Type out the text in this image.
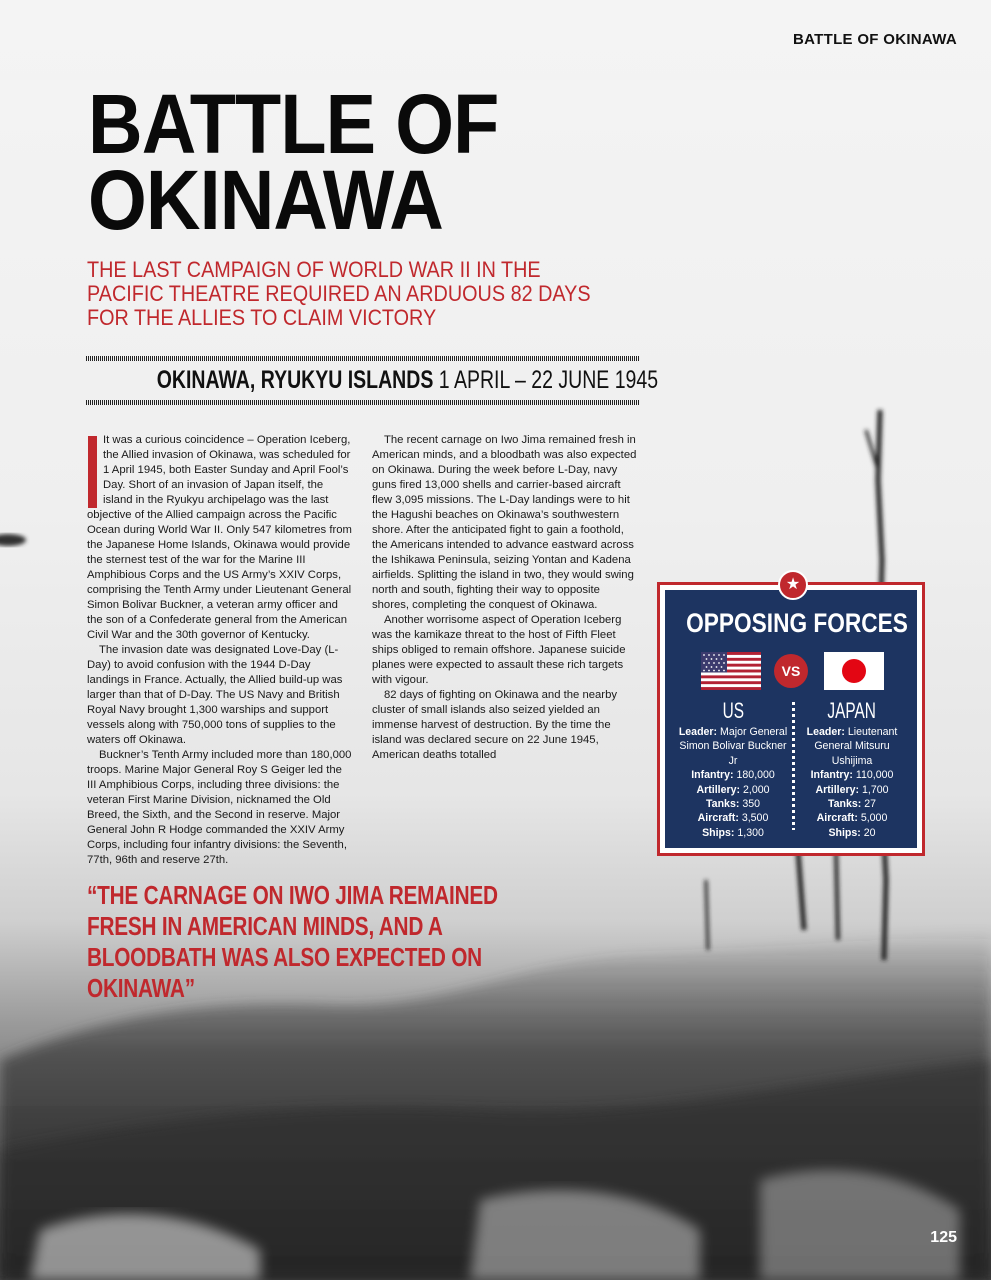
BATTLE OF OKINAWA
BATTLE OF
OKINAWA
THE LAST CAMPAIGN OF WORLD WAR II IN THE PACIFIC THEATRE REQUIRED AN ARDUOUS 82 DAYS FOR THE ALLIES TO CLAIM VICTORY
OKINAWA, RYUKYU ISLANDS 1 APRIL – 22 JUNE 1945

It was a curious coincidence – Operation Iceberg, the Allied invasion of Okinawa, was scheduled for 1 April 1945, both Easter Sunday and April Fool’s Day. Short of an invasion of Japan itself, the island in the Ryukyu archipelago was the last objective of the Allied campaign across the Pacific Ocean during World War II. Only 547 kilometres from the Japanese Home Islands, Okinawa would provide the sternest test of the war for the Marine III Amphibious Corps and the US Army’s XXIV Corps, comprising the Tenth Army under Lieutenant General Simon Bolivar Buckner, a veteran army officer and the son of a Confederate general from the American Civil War and the 30th governor of Kentucky.

The invasion date was designated Love-Day (L-Day) to avoid confusion with the 1944 D-Day landings in France. Actually, the Allied build-up was larger than that of D-Day. The US Navy and British Royal Navy brought 1,300 warships and support vessels along with 750,000 tons of supplies to the waters off Okinawa.

Buckner’s Tenth Army included more than 180,000 troops. Marine Major General Roy S Geiger led the III Amphibious Corps, including three divisions: the veteran First Marine Division, nicknamed the Old Breed, the Sixth, and the Second in reserve. Major General John R Hodge commanded the XXIV Army Corps, including four infantry divisions: the Seventh, 77th, 96th and reserve 27th.

The recent carnage on Iwo Jima remained fresh in American minds, and a bloodbath was also expected on Okinawa. During the week before L-Day, navy guns fired 13,000 shells and carrier-based aircraft flew 3,095 missions. The L-Day landings were to hit the Hagushi beaches on Okinawa’s southwestern shore. After the anticipated fight to gain a foothold, the Americans intended to advance eastward across the Ishikawa Peninsula, seizing Yontan and Kadena airfields. Splitting the island in two, they would swing north and south, fighting their way to opposite shores, completing the conquest of Okinawa.

Another worrisome aspect of Operation Iceberg was the kamikaze threat to the host of Fifth Fleet ships obliged to remain offshore. Japanese suicide planes were expected to assault these rich targets with vigour.

82 days of fighting on Okinawa and the nearby cluster of small islands also seized yielded an immense harvest of destruction. By the time the island was declared secure on 22 June 1945, American deaths totalled

“THE CARNAGE ON IWO JIMA REMAINED FRESH IN AMERICAN MINDS, AND A BLOODBATH WAS ALSO EXPECTED ON OKINAWA”
OPPOSING FORCES
VS
US
Leader: Major General Simon Bolivar Buckner Jr
Infantry: 180,000
Artillery: 2,000
Tanks: 350
Aircraft: 3,500
Ships: 1,300
JAPAN
Leader: Lieutenant General Mitsuru Ushijima
Infantry: 110,000
Artillery: 1,700
Tanks: 27
Aircraft: 5,000
Ships: 20
★
125
